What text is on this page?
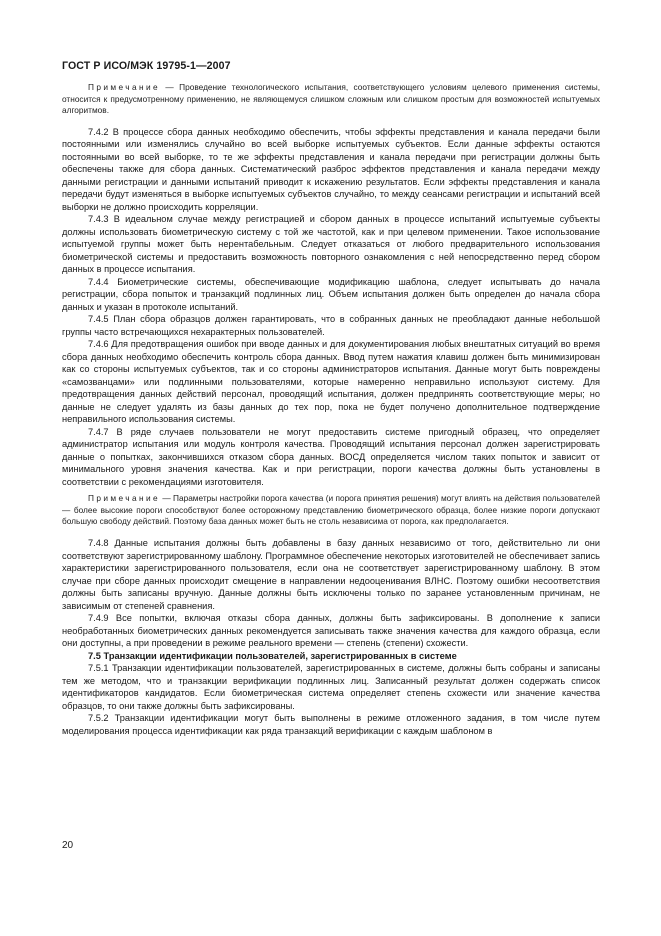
ГОСТ Р ИСО/МЭК 19795-1—2007

Примечание — Проведение технологического испытания, соответствующего условиям целевого применения системы, относится к предусмотренному применению, не являющемуся слишком сложным или слишком простым для возможностей испытуемых алгоритмов.

7.4.2 В процессе сбора данных необходимо обеспечить, чтобы эффекты представления и канала передачи были постоянными или изменялись случайно во всей выборке испытуемых субъектов. Если данные эффекты остаются постоянными во всей выборке, то те же эффекты представления и канала передачи при регистрации должны быть обеспечены также для сбора данных. Систематический разброс эффектов представления и канала передачи между данными регистрации и данными испытаний приводит к искажению результатов. Если эффекты представления и канала передачи будут изменяться в выборке испытуемых субъектов случайно, то между сеансами регистрации и испытаний всей выборки не должно происходить корреляции.

7.4.3 В идеальном случае между регистрацией и сбором данных в процессе испытаний испытуемые субъекты должны использовать биометрическую систему с той же частотой, как и при целевом применении. Такое использование испытуемой группы может быть нерентабельным. Следует отказаться от любого предварительного использования биометрической системы и предоставить возможность повторного ознакомления с ней непосредственно перед сбором данных в процессе испытания.

7.4.4 Биометрические системы, обеспечивающие модификацию шаблона, следует испытывать до начала регистрации, сбора попыток и транзакций подлинных лиц. Объем испытания должен быть определен до начала сбора данных и указан в протоколе испытаний.

7.4.5 План сбора образцов должен гарантировать, что в собранных данных не преобладают данные небольшой группы часто встречающихся нехарактерных пользователей.

7.4.6 Для предотвращения ошибок при вводе данных и для документирования любых внештатных ситуаций во время сбора данных необходимо обеспечить контроль сбора данных. Ввод путем нажатия клавиш должен быть минимизирован как со стороны испытуемых субъектов, так и со стороны администраторов испытания. Данные могут быть повреждены «самозванцами» или подлинными пользователями, которые намеренно неправильно используют систему. Для предотвращения данных действий персонал, проводящий испытания, должен предпринять соответствующие меры; но данные не следует удалять из базы данных до тех пор, пока не будет получено дополнительное подтверждение неправильного использования системы.

7.4.7 В ряде случаев пользователи не могут предоставить системе пригодный образец, что определяет администратор испытания или модуль контроля качества. Проводящий испытания персонал должен зарегистрировать данные о попытках, закончившихся отказом сбора данных. ВОСД определяется числом таких попыток и зависит от минимального уровня значения качества. Как и при регистрации, пороги качества должны быть установлены в соответствии с рекомендациями изготовителя.

Примечание — Параметры настройки порога качества (и порога принятия решения) могут влиять на действия пользователей — более высокие пороги способствуют более осторожному представлению биометрического образца, более низкие пороги допускают большую свободу действий. Поэтому база данных может быть не столь независима от порога, как предполагается.

7.4.8 Данные испытания должны быть добавлены в базу данных независимо от того, действительно ли они соответствуют зарегистрированному шаблону. Программное обеспечение некоторых изготовителей не обеспечивает запись характеристики зарегистрированного пользователя, если она не соответствует зарегистрированному шаблону. В этом случае при сборе данных происходит смещение в направлении недооценивания ВЛНС. Поэтому ошибки несоответствия должны быть записаны вручную. Данные должны быть исключены только по заранее установленным причинам, не зависимым от степеней сравнения.

7.4.9 Все попытки, включая отказы сбора данных, должны быть зафиксированы. В дополнение к записи необработанных биометрических данных рекомендуется записывать также значения качества для каждого образца, если они доступны, а при проведении в режиме реального времени — степень (степени) схожести.

7.5 Транзакции идентификации пользователей, зарегистрированных в системе

7.5.1 Транзакции идентификации пользователей, зарегистрированных в системе, должны быть собраны и записаны тем же методом, что и транзакции верификации подлинных лиц. Записанный результат должен содержать список идентификаторов кандидатов. Если биометрическая система определяет степень схожести или значение качества образцов, то они также должны быть зафиксированы.

7.5.2 Транзакции идентификации могут быть выполнены в режиме отложенного задания, в том числе путем моделирования процесса идентификации как ряда транзакций верификации с каждым шаблоном в

20
